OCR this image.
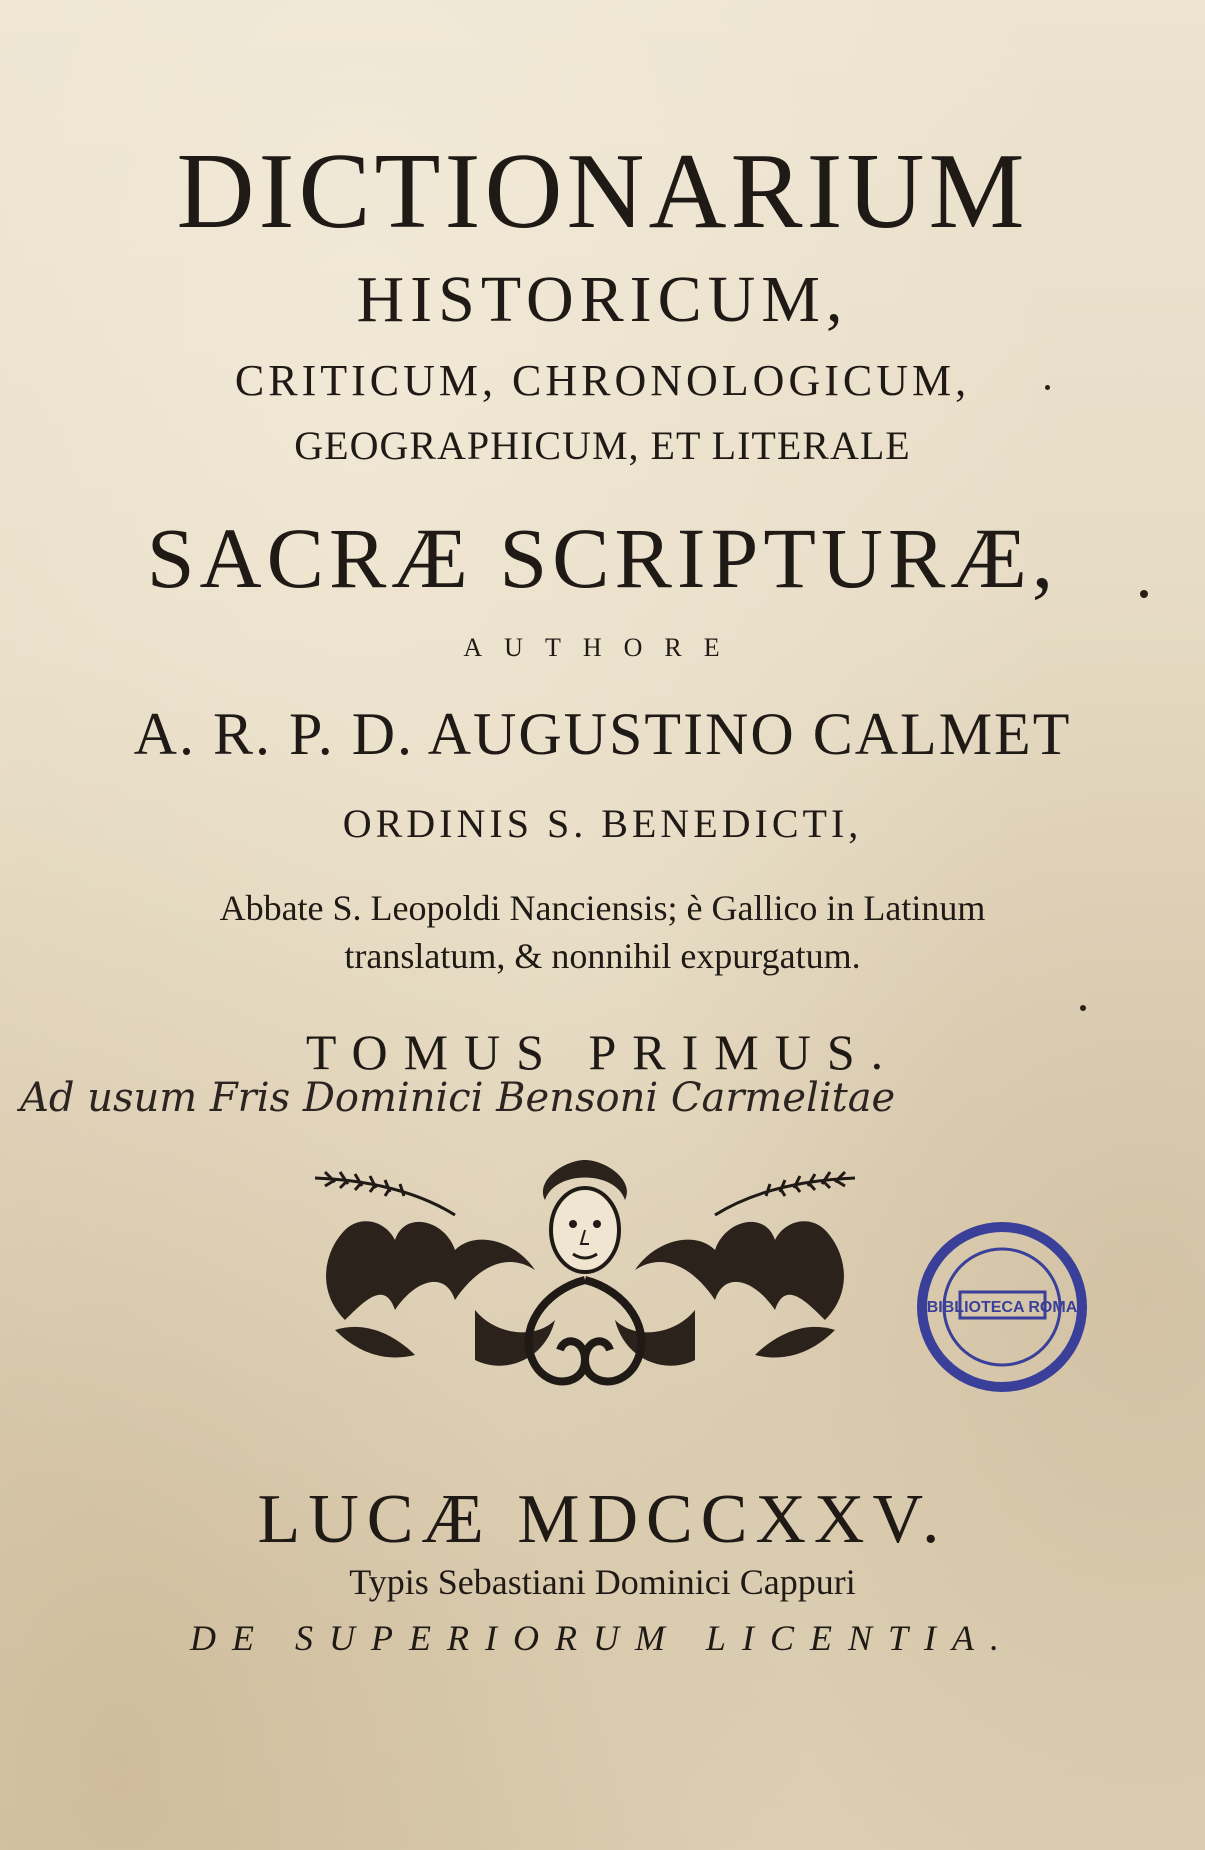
DICTIONARIUM
HISTORICUM,
CRITICUM, CHRONOLOGICUM,
GEOGRAPHICUM, ET LITERALE
SACRÆ SCRIPTURÆ,
AUTHORE
A. R. P. D. AUGUSTINO CALMET
ORDINIS S. BENEDICTI,
Abbate S. Leopoldi Nanciensis; è Gallico in Latinum
translatum, & nonnihil expurgatum.
TOMUS PRIMUS.
Ad usum Fris Dominici Bensoni Carmelitae
BIBLIOTECA ROMA
LUCÆ MDCCXXV.
Typis Sebastiani Dominici Cappuri
DE SUPERIORUM LICENTIA.
